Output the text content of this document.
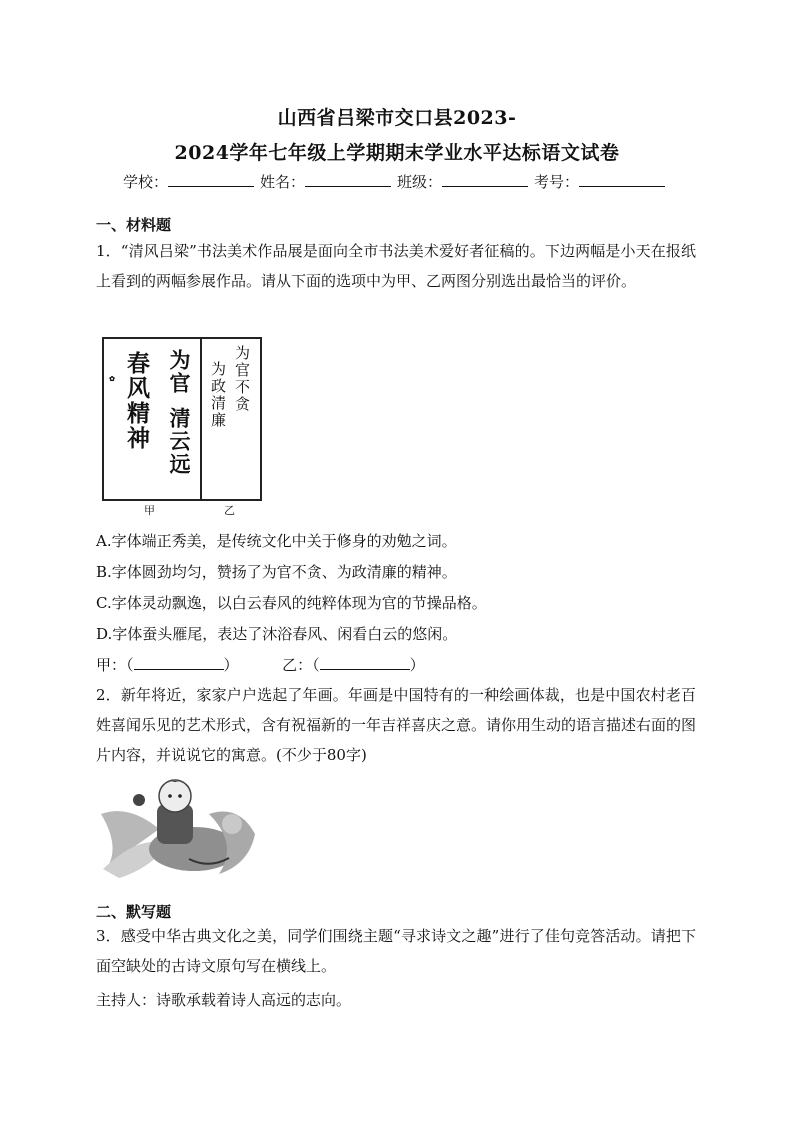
山西省吕梁市交口县2023-
2024学年七年级上学期期末学业水平达标语文试卷
学校：	姓名：	班级：	考号：
一、材料题
1．“清风吕梁”书法美术作品展是面向全市书法美术爱好者征稿的。下边两幅是小天在报纸上看到的两幅参展作品。请从下面的选项中为甲、乙两图分别选出最恰当的评价。
为官
清云远
春风精神
✿	为官不贪
为政清廉
甲	乙
A.字体端正秀美，是传统文化中关于修身的劝勉之词。
B.字体圆劲均匀，赞扬了为官不贪、为政清廉的精神。
C.字体灵动飘逸，以白云春风的纯粹体现为官的节操品格。
D.字体蚕头雁尾，表达了沐浴春风、闲看白云的悠闲。
甲：（	）	乙：（	）
2．新年将近，家家户户选起了年画。年画是中国特有的一种绘画体裁，也是中国农村老百姓喜闻乐见的艺术形式，含有祝福新的一年吉祥喜庆之意。请你用生动的语言描述右面的图片内容，并说说它的寓意。(不少于80字)
二、默写题
3．感受中华古典文化之美，同学们围绕主题“寻求诗文之趣”进行了佳句竞答活动。请把下面空缺处的古诗文原句写在横线上。
主持人：诗歌承载着诗人高远的志向。
